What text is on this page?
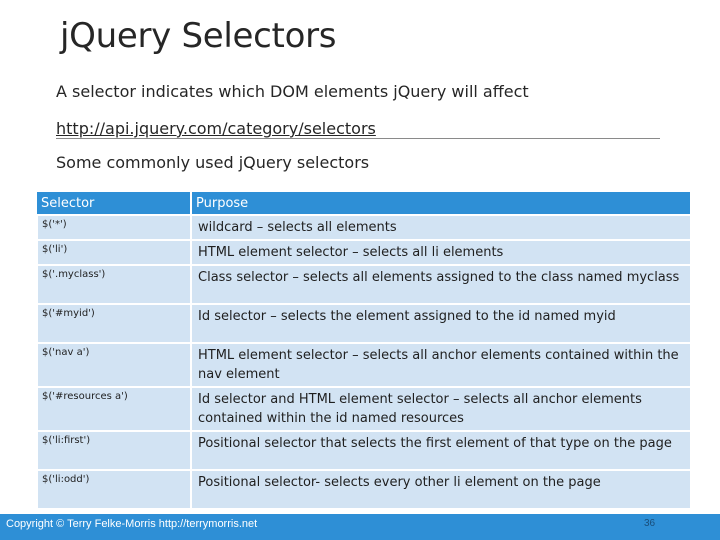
jQuery Selectors
A selector indicates which DOM elements jQuery will affect
http://api.jquery.com/category/selectors
Some commonly used jQuery selectors
Selector	Purpose
$('*')	wildcard – selects all elements
$('li')	HTML element selector – selects all li elements
$('.myclass')	Class selector – selects all elements assigned to the class named myclass
$('#myid')	Id selector – selects the element assigned to the id named myid
$('nav a')	HTML element selector – selects all anchor elements contained within the nav element
$('#resources a')	Id selector and HTML element selector – selects all anchor elements contained within the id named resources
$('li:first')	Positional selector that selects the first element of that type on the page
$('li:odd')	Positional selector- selects every other li element on the page
Copyright © Terry Felke-Morris http://terrymorris.net	36
